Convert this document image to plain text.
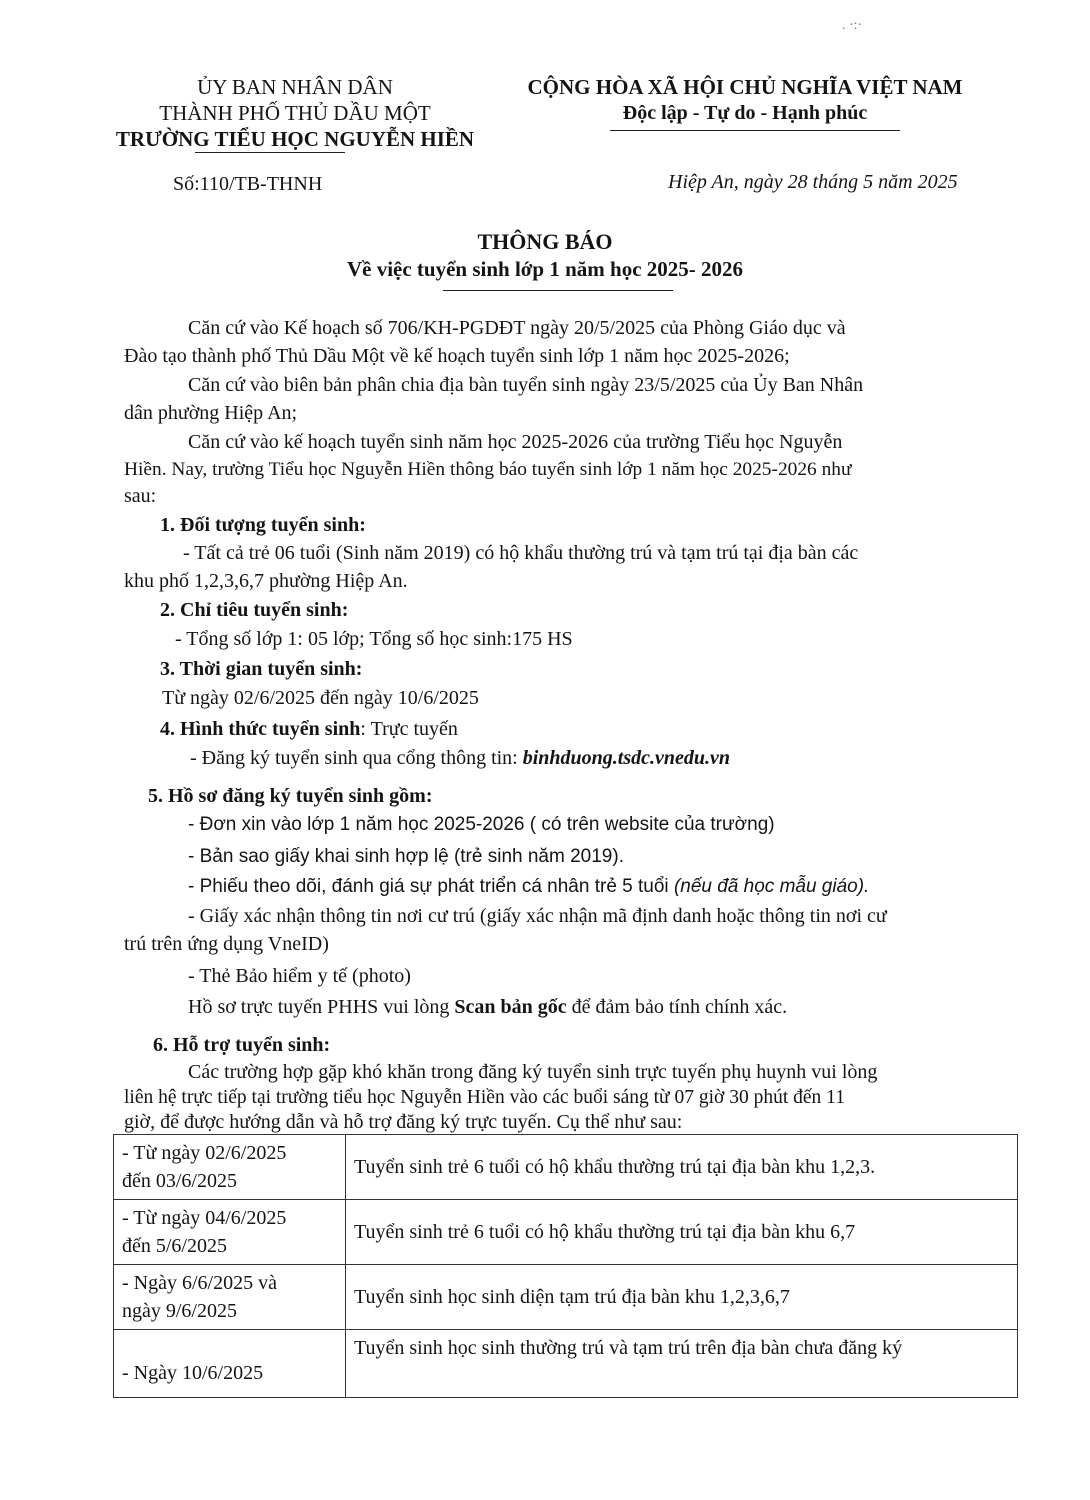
ỦY BAN NHÂN DÂN
THÀNH PHỐ THỦ DẦU MỘT
TRƯỜNG TIỂU HỌC NGUYỄN HIỀN
CỘNG HÒA XÃ HỘI CHỦ NGHĨA VIỆT NAM
Độc lập - Tự do - Hạnh phúc
. ·:·
Số:110/TB-THNH	Hiệp An, ngày 28 tháng 5 năm 2025
THÔNG BÁO
Về việc tuyển sinh lớp 1 năm học 2025- 2026
Căn cứ vào Kế hoạch số 706/KH-PGDĐT ngày 20/5/2025 của Phòng Giáo dục và
Đào tạo thành phố Thủ Dầu Một về kế hoạch tuyển sinh lớp 1 năm học 2025-2026;
Căn cứ vào biên bản phân chia địa bàn tuyển sinh ngày 23/5/2025 của Ủy Ban Nhân
dân phường Hiệp An;
Căn cứ vào kế hoạch tuyển sinh năm học 2025-2026 của trường Tiểu học Nguyễn
Hiền. Nay, trường Tiểu học Nguyễn Hiền thông báo tuyển sinh lớp 1 năm học 2025-2026 như
sau:
1. Đối tượng tuyển sinh:
- Tất cả trẻ 06 tuổi (Sinh năm 2019) có hộ khẩu thường trú và tạm trú tại địa bàn các
khu phố 1,2,3,6,7 phường Hiệp An.
2. Chỉ tiêu tuyển sinh:
- Tổng số lớp 1: 05 lớp; Tổng số học sinh:175 HS
3. Thời gian tuyển sinh:
Từ ngày 02/6/2025 đến ngày 10/6/2025
4. Hình thức tuyển sinh: Trực tuyến
- Đăng ký tuyển sinh qua cổng thông tin: binhduong.tsdc.vnedu.vn
5. Hồ sơ đăng ký tuyển sinh gồm:
- Đơn xin vào lớp 1 năm học 2025-2026 ( có trên website của trường)
- Bản sao giấy khai sinh hợp lệ (trẻ sinh năm 2019).
- Phiếu theo dõi, đánh giá sự phát triển cá nhân trẻ 5 tuổi (nếu đã học mẫu giáo).
- Giấy xác nhận thông tin nơi cư trú (giấy xác nhận mã định danh hoặc thông tin nơi cư
trú trên ứng dụng VneID)
- Thẻ Bảo hiểm y tế (photo)
Hồ sơ trực tuyến PHHS vui lòng Scan bản gốc để đảm bảo tính chính xác.
6. Hỗ trợ tuyển sinh:
Các trường hợp gặp khó khăn trong đăng ký tuyển sinh trực tuyến phụ huynh vui lòng
liên hệ trực tiếp tại trường tiểu học Nguyễn Hiền vào các buổi sáng từ 07 giờ 30 phút đến 11
giờ, để được hướng dẫn và hỗ trợ đăng ký trực tuyến. Cụ thể như sau:
- Từ ngày 02/6/2025
đến 03/6/2025	Tuyển sinh trẻ 6 tuổi có hộ khẩu thường trú tại địa bàn khu 1,2,3.

- Từ ngày 04/6/2025
đến 5/6/2025	Tuyển sinh trẻ 6 tuổi có hộ khẩu thường trú tại địa bàn khu 6,7

- Ngày 6/6/2025 và
ngày 9/6/2025	Tuyển sinh học sinh diện tạm trú địa bàn khu 1,2,3,6,7

- Ngày 10/6/2025	Tuyển sinh học sinh thường trú và tạm trú trên địa bàn chưa đăng ký
